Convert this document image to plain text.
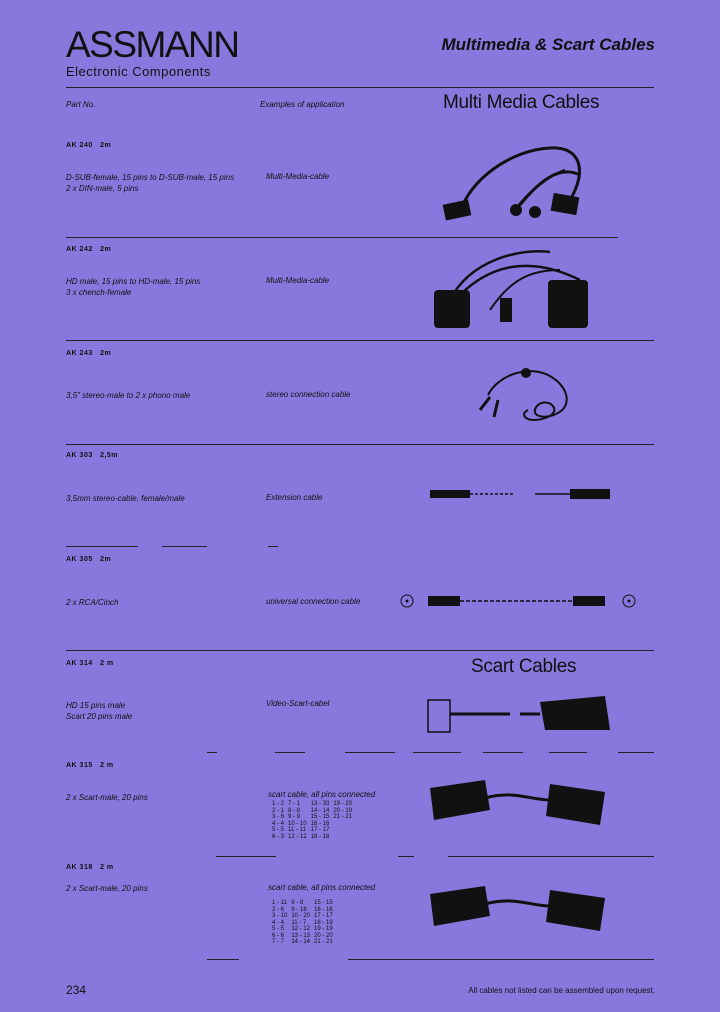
ASSMANN
Electronic Components
Multimedia & Scart Cables
Part No.	Examples of application	Multi Media Cables
AK 240 2m
D-SUB-female, 15 pins to D-SUB-male, 15 pins
2 x DIN-male, 5 pins
Multi-Media-cable
AK 242 2m
HD male, 15 pins to HD-male, 15 pins
3 x chench-female
Multi-Media-cable
AK 243 2m
3,5" stereo-male to 2 x phono male	stereo connection cable
AK 303 2,5m
3,5mm stereo-cable, female/male	Extension cable
AK 305 2m
2 x RCA/Cinch	universal connection cable
Scart Cables
AK 314 2 m
HD 15 pins male
Scart 20 pins male
Video-Scart-cabel
AK 315 2 m
2 x Scart-male, 20 pins	scart cable, all pins connected
1 - 2	7 - 1	13 - 33	19 - 20
2 - 1	8 - 8	14 - 14	20 - 19
3 - 6	9 - 9	15 - 15	21 - 21
4 - 4	10 - 10	16 - 16	
5 - 5	11 - 11	17 - 17	
6 - 3	12 - 12	18 - 18	
AK 318 2 m
2 x Scart-male, 20 pins	scart cable, all pins connected
1 - 11	8 - 8	15 - 15
2 - 6	9 - 18	16 - 16
3 - 10	10 - 20	17 - 17
4 - 4	11 - 7	18 - 19
5 - 5	12 - 12	19 - 19
6 - 6	13 - 13	20 - 20
7 - 7	14 - 14	21 - 21
234	All cables not listed can be assembled upon request.
